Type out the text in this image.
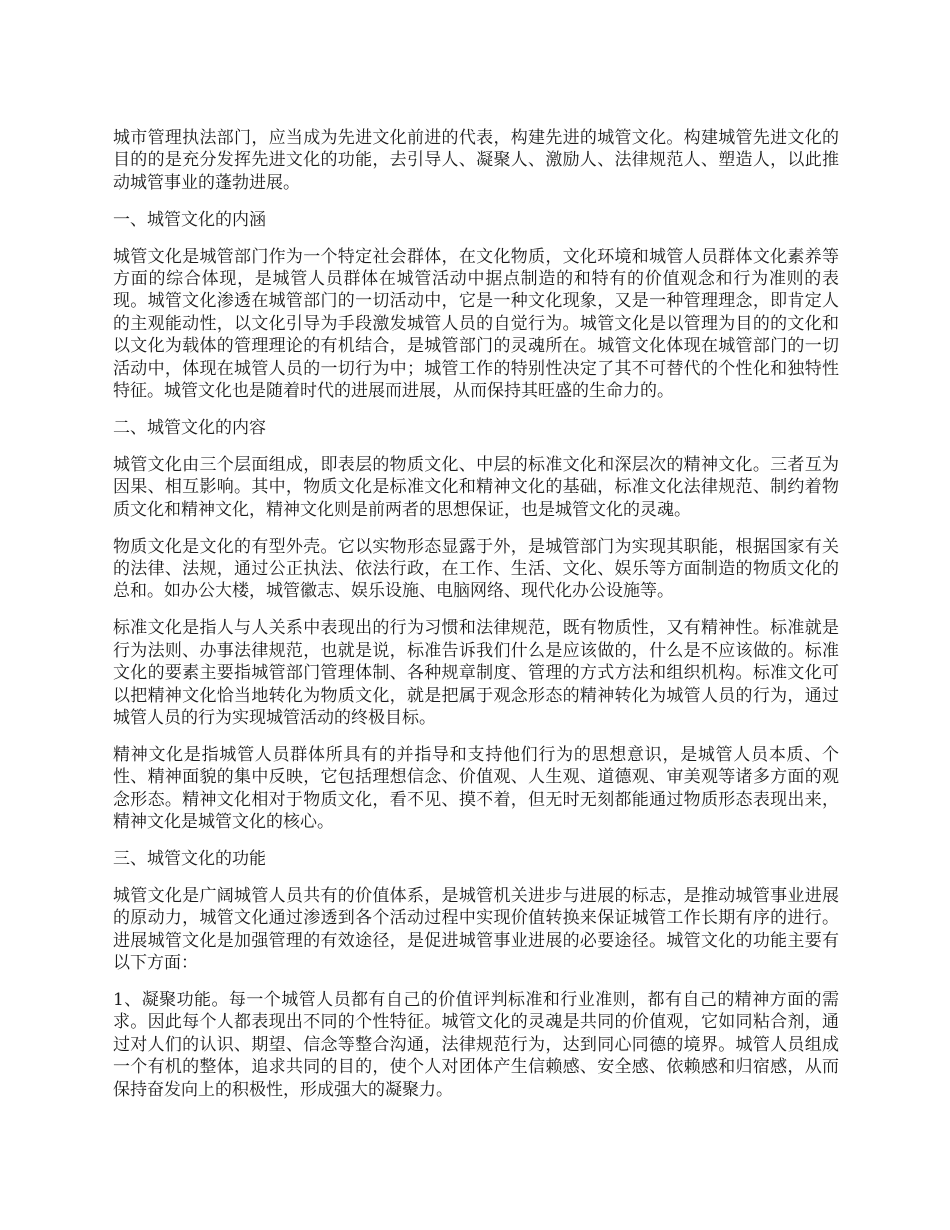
城市管理执法部门，应当成为先进文化前进的代表，构建先进的城管文化。构建城管先进文化的目的的是充分发挥先进文化的功能，去引导人、凝聚人、激励人、法律规范人、塑造人，以此推动城管事业的蓬勃进展。

一、城管文化的内涵

城管文化是城管部门作为一个特定社会群体，在文化物质，文化环境和城管人员群体文化素养等方面的综合体现，是城管人员群体在城管活动中据点制造的和特有的价值观念和行为准则的表现。城管文化渗透在城管部门的一切活动中，它是一种文化现象，又是一种管理理念，即肯定人的主观能动性，以文化引导为手段激发城管人员的自觉行为。城管文化是以管理为目的的文化和以文化为载体的管理理论的有机结合，是城管部门的灵魂所在。城管文化体现在城管部门的一切活动中，体现在城管人员的一切行为中；城管工作的特别性决定了其不可替代的个性化和独特性特征。城管文化也是随着时代的进展而进展，从而保持其旺盛的生命力的。

二、城管文化的内容

城管文化由三个层面组成，即表层的物质文化、中层的标准文化和深层次的精神文化。三者互为因果、相互影响。其中，物质文化是标准文化和精神文化的基础，标准文化法律规范、制约着物质文化和精神文化，精神文化则是前两者的思想保证，也是城管文化的灵魂。

物质文化是文化的有型外壳。它以实物形态显露于外，是城管部门为实现其职能，根据国家有关的法律、法规，通过公正执法、依法行政，在工作、生活、文化、娱乐等方面制造的物质文化的总和。如办公大楼，城管徽志、娱乐设施、电脑网络、现代化办公设施等。

标准文化是指人与人关系中表现出的行为习惯和法律规范，既有物质性，又有精神性。标准就是行为法则、办事法律规范，也就是说，标准告诉我们什么是应该做的，什么是不应该做的。标准文化的要素主要指城管部门管理体制、各种规章制度、管理的方式方法和组织机构。标准文化可以把精神文化恰当地转化为物质文化，就是把属于观念形态的精神转化为城管人员的行为，通过城管人员的行为实现城管活动的终极目标。

精神文化是指城管人员群体所具有的并指导和支持他们行为的思想意识，是城管人员本质、个性、精神面貌的集中反映，它包括理想信念、价值观、人生观、道德观、审美观等诸多方面的观念形态。精神文化相对于物质文化，看不见、摸不着，但无时无刻都能通过物质形态表现出来，精神文化是城管文化的核心。

三、城管文化的功能

城管文化是广阔城管人员共有的价值体系，是城管机关进步与进展的标志，是推动城管事业进展的原动力，城管文化通过渗透到各个活动过程中实现价值转换来保证城管工作长期有序的进行。进展城管文化是加强管理的有效途径，是促进城管事业进展的必要途径。城管文化的功能主要有以下方面：

1、凝聚功能。每一个城管人员都有自己的价值评判标准和行业准则，都有自己的精神方面的需求。因此每个人都表现出不同的个性特征。城管文化的灵魂是共同的价值观，它如同粘合剂，通过对人们的认识、期望、信念等整合沟通，法律规范行为，达到同心同德的境界。城管人员组成一个有机的整体，追求共同的目的，使个人对团体产生信赖感、安全感、依赖感和归宿感，从而保持奋发向上的积极性，形成强大的凝聚力。
